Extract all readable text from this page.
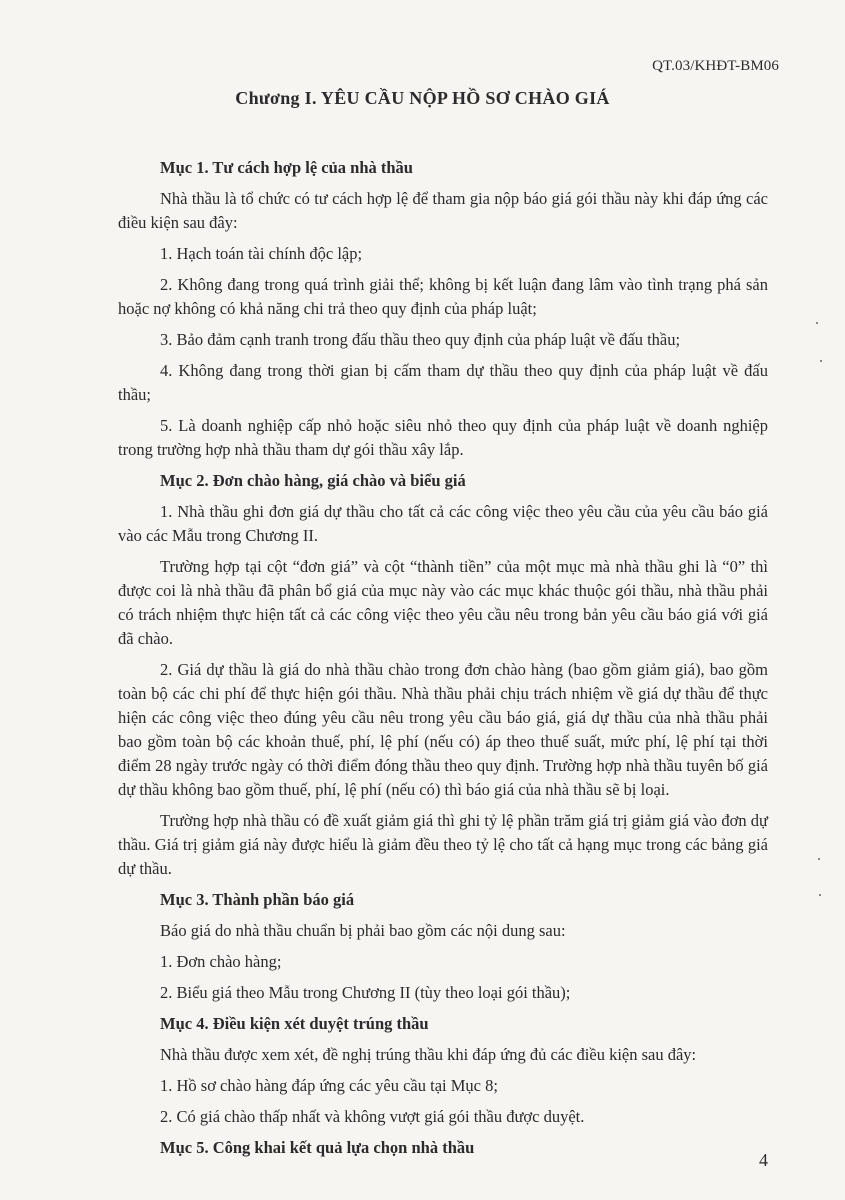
QT.03/KHĐT-BM06
Chương I. YÊU CẦU NỘP HỒ SƠ CHÀO GIÁ
Mục 1. Tư cách hợp lệ của nhà thầu

Nhà thầu là tổ chức có tư cách hợp lệ để tham gia nộp báo giá gói thầu này khi đáp ứng các điều kiện sau đây:

1. Hạch toán tài chính độc lập;

2. Không đang trong quá trình giải thể; không bị kết luận đang lâm vào tình trạng phá sản hoặc nợ không có khả năng chi trả theo quy định của pháp luật;

3. Bảo đảm cạnh tranh trong đấu thầu theo quy định của pháp luật về đấu thầu;

4. Không đang trong thời gian bị cấm tham dự thầu theo quy định của pháp luật về đấu thầu;

5. Là doanh nghiệp cấp nhỏ hoặc siêu nhỏ theo quy định của pháp luật về doanh nghiệp trong trường hợp nhà thầu tham dự gói thầu xây lắp.

Mục 2. Đơn chào hàng, giá chào và biểu giá

1. Nhà thầu ghi đơn giá dự thầu cho tất cả các công việc theo yêu cầu của yêu cầu báo giá vào các Mẫu trong Chương II.

Trường hợp tại cột “đơn giá” và cột “thành tiền” của một mục mà nhà thầu ghi là “0” thì được coi là nhà thầu đã phân bổ giá của mục này vào các mục khác thuộc gói thầu, nhà thầu phải có trách nhiệm thực hiện tất cả các công việc theo yêu cầu nêu trong bản yêu cầu báo giá với giá đã chào.

2. Giá dự thầu là giá do nhà thầu chào trong đơn chào hàng (bao gồm giảm giá), bao gồm toàn bộ các chi phí để thực hiện gói thầu. Nhà thầu phải chịu trách nhiệm về giá dự thầu để thực hiện các công việc theo đúng yêu cầu nêu trong yêu cầu báo giá, giá dự thầu của nhà thầu phải bao gồm toàn bộ các khoản thuế, phí, lệ phí (nếu có) áp theo thuế suất, mức phí, lệ phí tại thời điểm 28 ngày trước ngày có thời điểm đóng thầu theo quy định. Trường hợp nhà thầu tuyên bố giá dự thầu không bao gồm thuế, phí, lệ phí (nếu có) thì báo giá của nhà thầu sẽ bị loại.

Trường hợp nhà thầu có đề xuất giảm giá thì ghi tỷ lệ phần trăm giá trị giảm giá vào đơn dự thầu. Giá trị giảm giá này được hiểu là giảm đều theo tỷ lệ cho tất cả hạng mục trong các bảng giá dự thầu.

Mục 3. Thành phần báo giá

Báo giá do nhà thầu chuẩn bị phải bao gồm các nội dung sau:

1. Đơn chào hàng;

2. Biểu giá theo Mẫu trong Chương II (tùy theo loại gói thầu);

Mục 4. Điều kiện xét duyệt trúng thầu

Nhà thầu được xem xét, đề nghị trúng thầu khi đáp ứng đủ các điều kiện sau đây:

1. Hồ sơ chào hàng đáp ứng các yêu cầu tại Mục 8;

2. Có giá chào thấp nhất và không vượt giá gói thầu được duyệt.

Mục 5. Công khai kết quả lựa chọn nhà thầu
4
